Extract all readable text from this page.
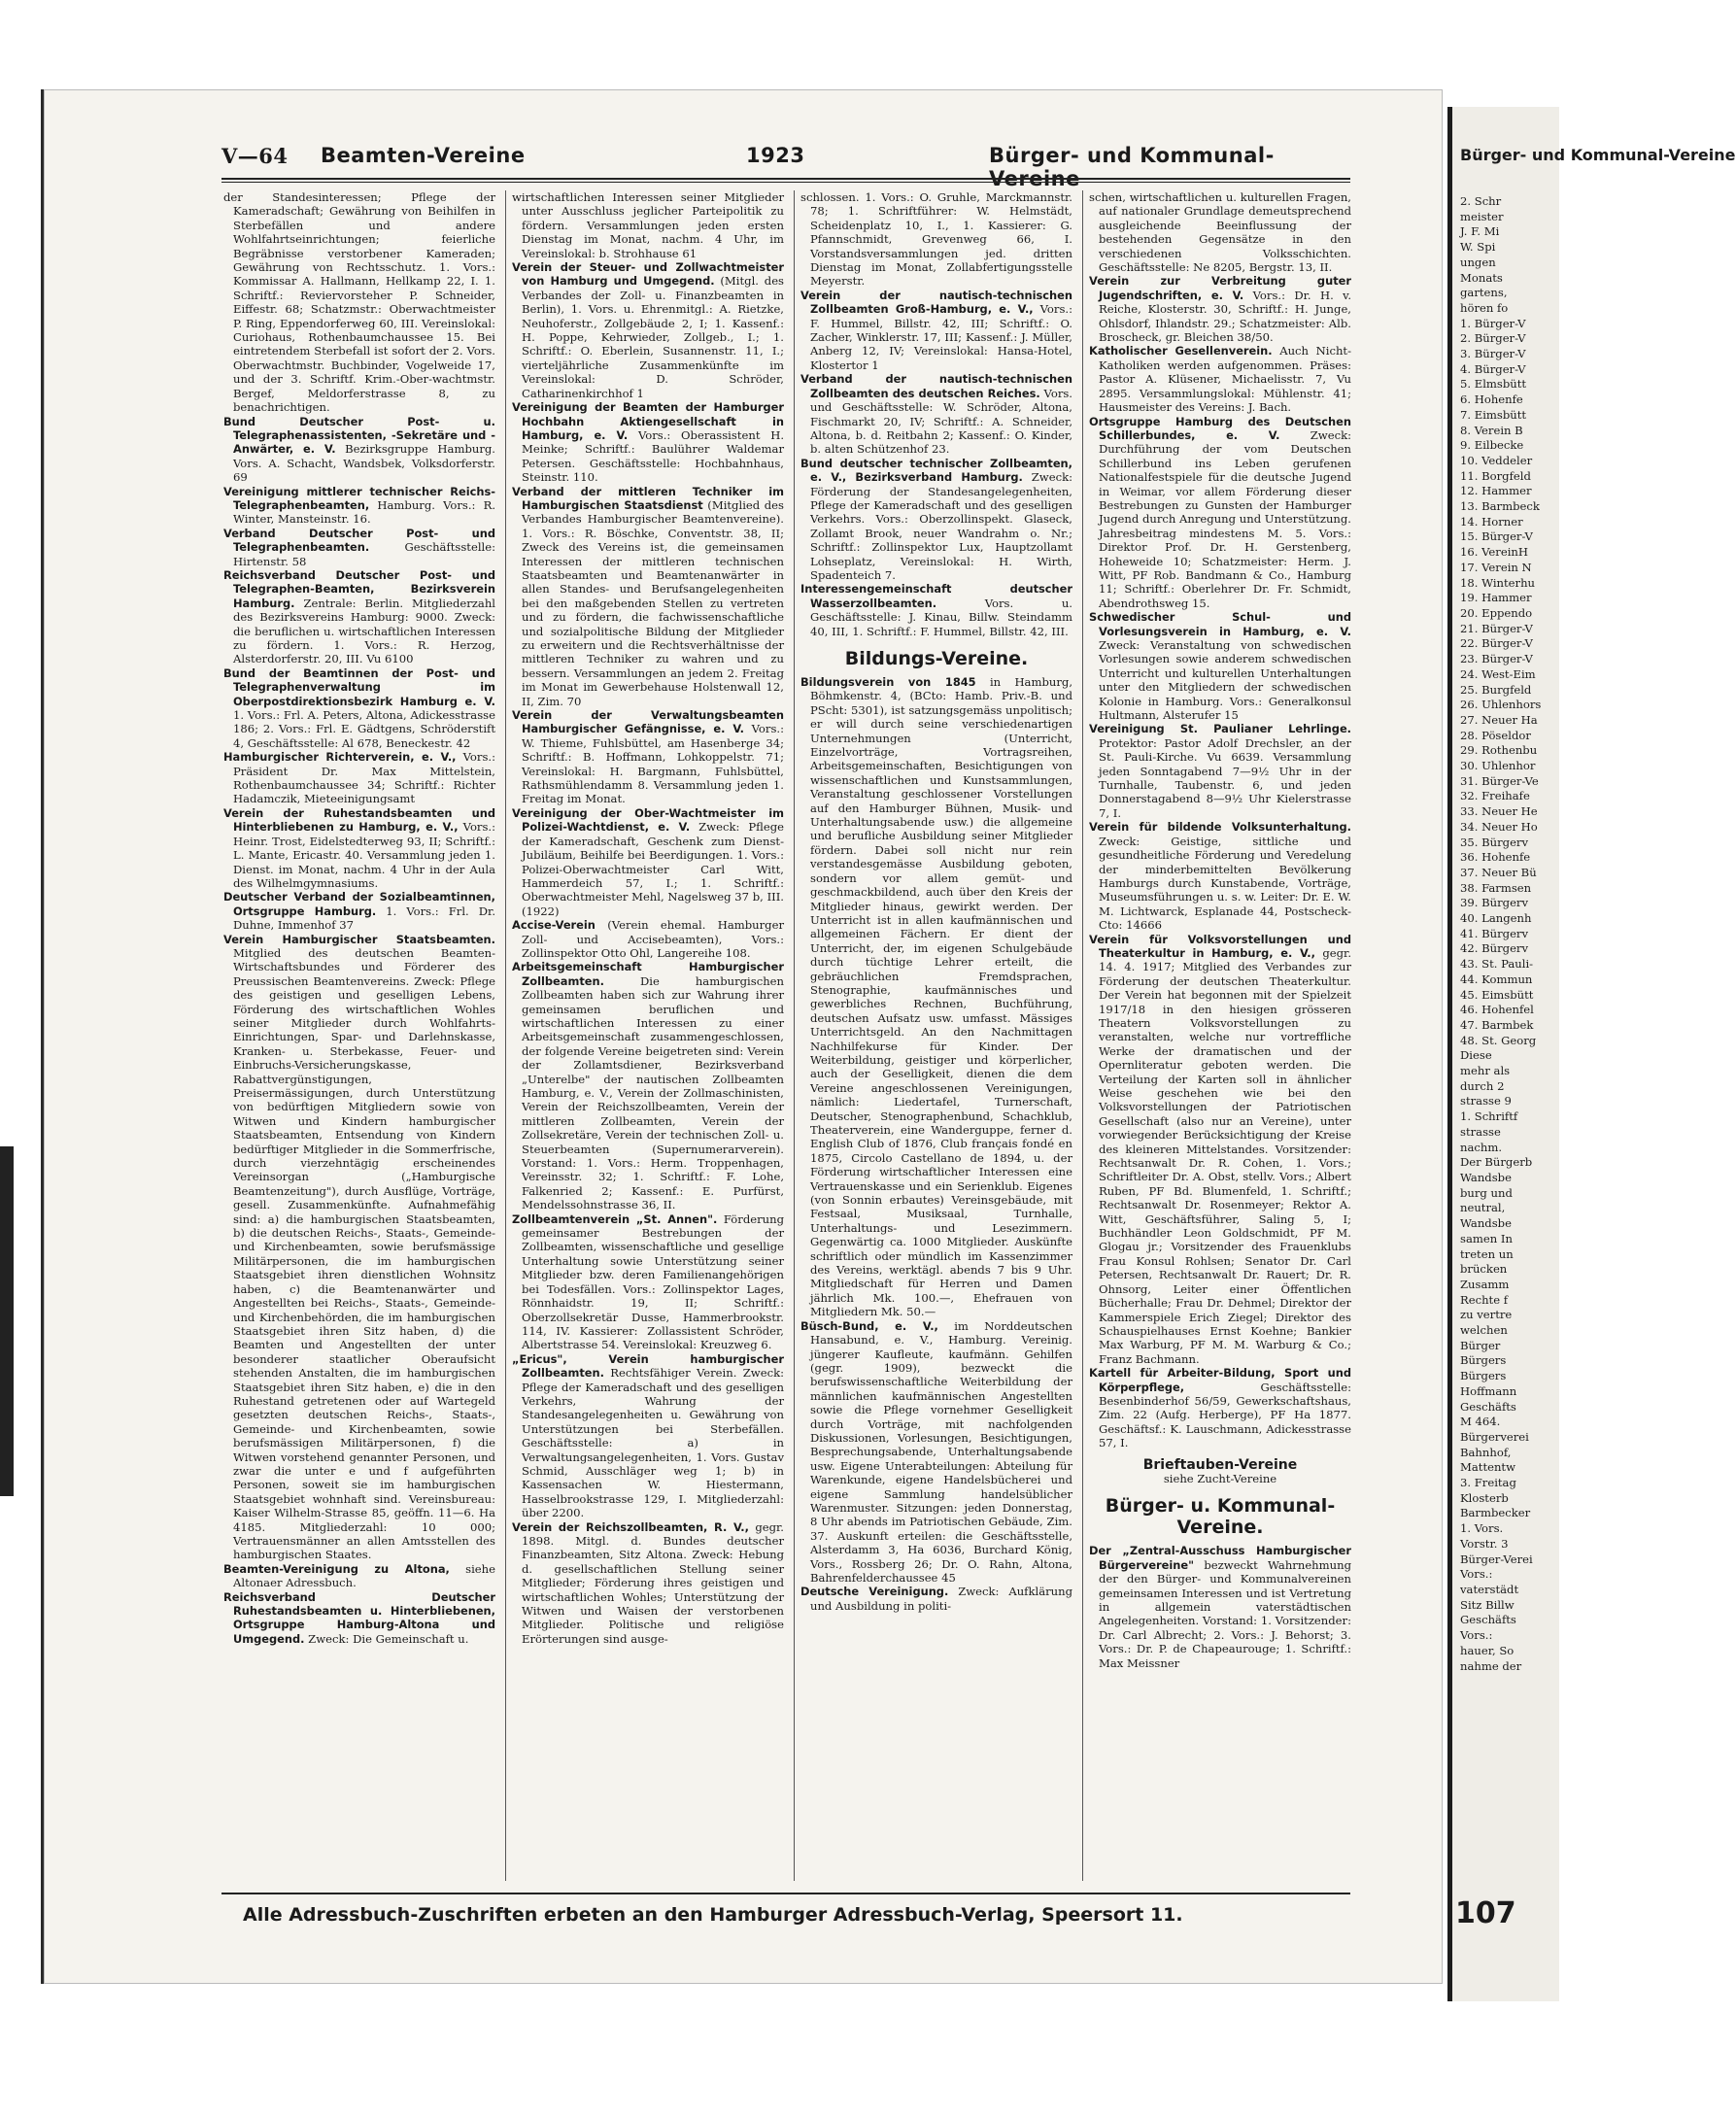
V—64 Beamten-Vereine	1923	Bürger- und Kommunal-

der Standesinteressen; Pflege der Kameradschaft; Gewährung von Beihilfen in Sterbefällen und andere Wohlfahrtseinrichtungen; feierliche Begräbnisse verstorbener Kameraden; Gewährung von Rechtsschutz. 1. Vors.: Kommissar A. Hallmann, Hellkamp 22, I. 1. Schriftf.: Reviervorsteher P. Schneider, Eiffestr. 68; Schatzmstr.: Oberwachtmeister P. Ring, Eppendorferweg 60, III. Vereinslokal: Curiohaus, Rothenbaumchaussee 15. Bei eintretendem Sterbefall ist sofort der 2. Vors. Oberwachtmstr. Buchbinder, Vogelweide 17, und der 3. Schriftf. Krim.-Ober-wachtmstr. Bergef, Meldorferstrasse 8, zu benachrichtigen.

Bund Deutscher Post- u. Telegraphenassistenten, -Sekretäre und -Anwärter, e. V. Bezirksgruppe Hamburg. Vors. A. Schacht, Wandsbek, Volksdorferstr. 69

Vereinigung mittlerer technischer Reichs-Telegraphenbeamten, Hamburg. Vors.: R. Winter, Mansteinstr. 16.

Verband Deutscher Post- und Telegraphenbeamten.	Geschäftsstelle: Hirtenstr. 58

Reichsverband Deutscher Post- und Telegraphen-Beamten, Bezirksverein Hamburg. Zentrale: Berlin. Mitgliederzahl des Bezirksvereins Hamburg: 9000. Zweck: die beruflichen u. wirtschaftlichen Interessen zu fördern. 1. Vors.: R. Herzog, Alsterdorferstr. 20, III. Vu 6100

Bund der Beamtinnen der Post- und Telegraphenverwaltung im Oberpostdirektionsbezirk Hamburg e. V. 1. Vors.: Frl. A. Peters, Altona, Adickesstrasse 186; 2. Vors.: Frl. E. Gädtgens, Schröderstift 4, Geschäftsstelle: Al 678, Beneckestr. 42

Hamburgischer Richterverein, e. V., Vors.: Präsident Dr. Max Mittelstein, Rothenbaumchaussee 34; Schriftf.: Richter Hadamczik, Mieteeinigungsamt

Verein der Ruhestandsbeamten und Hinterbliebenen zu Hamburg, e. V., Vors.: Heinr. Trost, Eidelstedterweg 93, II; Schriftf.: L. Mante, Ericastr. 40. Versammlung jeden 1. Dienst. im Monat, nachm. 4 Uhr in der Aula des Wilhelmgymnasiums.

Deutscher Verband der Sozialbeamtinnen, Ortsgruppe Hamburg. 1. Vors.: Frl. Dr. Duhne, Immenhof 37

Verein Hamburgischer Staatsbeamten. Mitglied des deutschen Beamten-Wirtschaftsbundes und Förderer des Preussischen Beamtenvereins. Zweck: Pflege des geistigen und geselligen Lebens, Förderung des wirtschaftlichen Wohles seiner Mitglieder durch Wohlfahrts-Einrichtungen, Spar- und Darlehnskasse, Kranken- u. Sterbekasse, Feuer- und Einbruchs-Versicherungskasse, Rabattvergünstigungen, Preisermässigungen, durch Unterstützung von bedürftigen Mitgliedern sowie von Witwen und Kindern hamburgischer Staatsbeamten, Entsendung von Kindern bedürftiger Mitglieder in die Sommerfrische, durch vierzehntägig erscheinendes Vereinsorgan („Hamburgische Beamtenzeitung"), durch Ausflüge, Vorträge, gesell. Zusammenkünfte. Aufnahmefähig sind: a) die hamburgischen Staatsbeamten, b) die deutschen Reichs-, Staats-, Gemeinde- und Kirchenbeamten, sowie berufsmässige Militärpersonen, die im hamburgischen Staatsgebiet ihren dienstlichen Wohnsitz haben, c) die Beamtenanwärter und Angestellten bei Reichs-, Staats-, Gemeinde- und Kirchenbehörden, die im hamburgischen Staatsgebiet ihren Sitz haben, d) die Beamten und Angestellten der unter besonderer staatlicher Oberaufsicht stehenden Anstalten, die im hamburgischen Staatsgebiet ihren Sitz haben, e) die in den Ruhestand getretenen oder auf Wartegeld gesetzten deutschen Reichs-, Staats-, Gemeinde- und Kirchenbeamten, sowie berufsmässigen Militärpersonen, f) die Witwen vorstehend genannter Personen, und zwar die unter e und f aufgeführten Personen, soweit sie im hamburgischen Staatsgebiet wohnhaft sind. Vereinsbureau: Kaiser Wilhelm-Strasse 85, geöffn. 11—6. Ha 4185. Mitgliederzahl: 10 000; Vertrauensmänner an allen Amtsstellen des hamburgischen Staates.

Beamten-Vereinigung zu Altona, siehe Altonaer Adressbuch.

Reichsverband Deutscher Ruhestandsbeamten u. Hinterbliebenen, Ortsgruppe Hamburg-Altona und Umgegend. Zweck: Die Gemeinschaft u.

wirtschaftlichen Interessen seiner Mitglieder unter Ausschluss jeglicher Parteipolitik zu fördern. Versammlungen jeden ersten Dienstag im Monat, nachm. 4 Uhr, im Vereinslokal: b. Strohhause 61

Verein der Steuer- und Zollwachtmeister von Hamburg und Umgegend. (Mitgl. des Verbandes der Zoll- u. Finanzbeamten in Berlin), 1. Vors. u. Ehrenmitgl.: A. Rietzke, Neuhoferstr., Zollgebäude 2, I; 1. Kassenf.: H. Poppe, Kehrwieder, Zollgeb., I.; 1. Schriftf.: O. Eberlein, Susannenstr. 11, I.; vierteljährliche Zusammenkünfte im Vereinslokal: D. Schröder, Catharinenkirchhof 1

Vereinigung der Beamten der Hamburger Hochbahn Aktiengesellschaft in Hamburg, e. V. Vors.: Oberassistent H. Meinke; Schriftf.: Baulührer Waldemar Petersen. Geschäftsstelle: Hochbahnhaus, Steinstr. 110.

Verband der mittleren Techniker im Hamburgischen Staatsdienst (Mitglied des Verbandes Hamburgischer Beamtenvereine). 1. Vors.: R. Böschke, Conventstr. 38, II; Zweck des Vereins ist, die gemeinsamen Interessen der mittleren technischen Staatsbeamten und Beamtenanwärter in allen Standes- und Berufsangelegenheiten bei den maßgebenden Stellen zu vertreten und zu fördern, die fachwissenschaftliche und sozialpolitische Bildung der Mitglieder zu erweitern und die Rechtsverhältnisse der mittleren Techniker zu wahren und zu bessern. Versammlungen an jedem 2. Freitag im Monat im Gewerbehause Holstenwall 12, II, Zim. 70

Verein der Verwaltungsbeamten Hamburgischer Gefängnisse, e. V. Vors.: W. Thieme, Fuhlsbüttel, am Hasenberge 34; Schriftf.: B. Hoffmann, Lohkoppelstr. 71; Vereinslokal: H. Bargmann, Fuhlsbüttel, Rathsmühlendamm 8. Versammlung jeden 1. Freitag im Monat.

Vereinigung der Ober-Wachtmeister im Polizei-Wachtdienst, e. V. Zweck: Pflege der Kameradschaft, Geschenk zum Dienst-Jubiläum, Beihilfe bei Beerdigungen. 1. Vors.: Polizei-Oberwachtmeister Carl Witt, Hammerdeich 57, I.; 1. Schriftf.: Oberwachtmeister Mehl, Nagelsweg 37 b, III. (1922)

Accise-Verein (Verein ehemal. Hamburger Zoll- und Accisebeamten), Vors.: Zollinspektor Otto Ohl, Langereihe 108.

Arbeitsgemeinschaft Hamburgischer Zollbeamten.	Die hamburgischen Zollbeamten haben sich zur Wahrung ihrer gemeinsamen beruflichen und wirtschaftlichen Interessen zu einer Arbeitsgemeinschaft zusammengeschlossen, der folgende Vereine beigetreten sind: Verein der Zollamtsdiener, Bezirksverband „Unterelbe" der nautischen Zollbeamten Hamburg, e. V., Verein der Zollmaschinisten, Verein der Reichszollbeamten, Verein der mittleren Zollbeamten, Verein der Zollsekretäre, Verein der technischen Zoll- u. Steuerbeamten (Supernumerarverein). Vorstand: 1. Vors.: Herm. Troppenhagen, Vereinsstr. 32; 1. Schriftf.: F. Lohe, Falkenried 2; Kassenf.: E. Purfürst, Mendelssohnstrasse 36, II.

Zollbeamtenverein „St. Annen". Förderung gemeinsamer Bestrebungen der Zollbeamten, wissenschaftliche und gesellige Unterhaltung sowie Unterstützung seiner Mitglieder bzw. deren Familienangehörigen bei Todesfällen. Vors.: Zollinspektor Lages, Rönnhaidstr. 19, II; Schriftf.: Oberzollsekretär Dusse, Hammerbrookstr. 114, IV. Kassierer: Zollassistent Schröder, Albertstrasse 54. Vereinslokal: Kreuzweg 6.

„Ericus", Verein hamburgischer Zollbeamten. Rechtsfähiger Verein. Zweck: Pflege der Kameradschaft und des geselligen Verkehrs, Wahrung der Standesangelegenheiten u. Gewährung von Unterstützungen bei Sterbefällen. Geschäftsstelle: a) in Verwaltungsangelegenheiten, 1. Vors. Gustav Schmid, Ausschläger weg 1; b) in Kassensachen W. Hiestermann, Hasselbrookstrasse 129, I. Mitgliederzahl: über 2200.

Verein der Reichszollbeamten, R. V., gegr. 1898. Mitgl. d. Bundes deutscher Finanzbeamten, Sitz Altona. Zweck: Hebung d. gesellschaftlichen Stellung seiner Mitglieder; Förderung ihres geistigen und wirtschaftlichen Wohles; Unterstützung der Witwen und Waisen der verstorbenen Mitglieder. Politische und religiöse Erörterungen sind ausge-

schlossen. 1. Vors.: O. Gruhle, Marckmannstr. 78; 1. Schriftführer: W. Helmstädt, Scheidenplatz 10, I., 1. Kassierer: G. Pfannschmidt, Grevenweg 66, I. Vorstandsversammlungen jed. dritten Dienstag im Monat, Zollabfertigungsstelle Meyerstr.

Verein der nautisch-technischen Zollbeamten Groß-Hamburg, e. V., Vors.: F. Hummel, Billstr. 42, III; Schriftf.: O. Zacher, Winklerstr. 17, III; Kassenf.: J. Müller, Anberg 12, IV; Vereinslokal: Hansa-Hotel, Klostertor 1

Verband der nautisch-technischen Zollbeamten des deutschen Reiches. Vors. und Geschäftsstelle: W. Schröder, Altona, Fischmarkt 20, IV; Schriftf.: A. Schneider, Altona, b. d. Reitbahn 2; Kassenf.: O. Kinder, b. alten Schützenhof 23.

Bund deutscher technischer Zollbeamten, e. V., Bezirksverband Hamburg. Zweck: Förderung der Standesangelegenheiten, Pflege der Kameradschaft und des geselligen Verkehrs. Vors.: Oberzollinspekt. Glaseck, Zollamt Brook, neuer Wandrahm o. Nr.; Schriftf.: Zollinspektor Lux, Hauptzollamt Lohseplatz, Vereinslokal: H. Wirth, Spadenteich 7.

Interessengemeinschaft deutscher Wasserzollbeamten.	Vors. u. Geschäftsstelle: J. Kinau, Billw. Steindamm 40, III, 1. Schriftf.: F. Hummel, Billstr. 42, III.

Bildungs-Vereine.

Bildungsverein von 1845 in Hamburg, Böhmkenstr. 4, (BCto: Hamb. Priv.-B. und PScht: 5301), ist satzungsgemäss unpolitisch; er will durch seine verschiedenartigen Unternehmungen (Unterricht, Einzelvorträge, Vortragsreihen, Arbeitsgemeinschaften, Besichtigungen von wissenschaftlichen und Kunstsammlungen, Veranstaltung geschlossener Vorstellungen auf den Hamburger Bühnen, Musik- und Unterhaltungsabende usw.) die allgemeine und berufliche Ausbildung seiner Mitglieder fördern. Dabei soll nicht nur rein verstandesgemässe Ausbildung geboten, sondern vor allem gemüt- und geschmackbildend, auch über den Kreis der Mitglieder hinaus, gewirkt werden. Der Unterricht ist in allen kaufmännischen und allgemeinen Fächern. Er dient der Unterricht, der, im eigenen Schulgebäude durch tüchtige Lehrer erteilt, die gebräuchlichen Fremdsprachen, Stenographie, kaufmännisches und gewerbliches Rechnen, Buchführung, deutschen Aufsatz usw. umfasst. Mässiges Unterrichtsgeld. An den Nachmittagen Nachhilfekurse für Kinder. Der Weiterbildung, geistiger und körperlicher, auch der Geselligkeit, dienen die dem Vereine angeschlossenen Vereinigungen, nämlich: Liedertafel, Turnerschaft, Deutscher, Stenographenbund, Schachklub, Theaterverein, eine Wanderguppe, ferner d. English Club of 1876, Club français fondé en 1875, Circolo Castellano de 1894, u. der Förderung wirtschaftlicher Interessen eine Vertrauenskasse und ein Serienklub. Eigenes (von Sonnin erbautes) Vereinsgebäude, mit Festsaal, Musiksaal, Turnhalle, Unterhaltungs- und Lesezimmern. Gegenwärtig ca. 1000 Mitglieder. Auskünfte schriftlich oder mündlich im Kassenzimmer des Vereins, werktägl. abends 7 bis 9 Uhr. Mitgliedschaft für Herren und Damen jährlich Mk. 100.—, Ehefrauen von Mitgliedern Mk. 50.—

Büsch-Bund, e. V., im Norddeutschen Hansabund, e. V., Hamburg. Vereinig. jüngerer Kaufleute, kaufmänn. Gehilfen (gegr. 1909), bezweckt die berufswissenschaftliche Weiterbildung der männlichen kaufmännischen Angestellten sowie die Pflege vornehmer Geselligkeit durch Vorträge, mit nachfolgenden Diskussionen, Vorlesungen, Besichtigungen, Besprechungsabende, Unterhaltungsabende usw. Eigene Unterabteilungen: Abteilung für Warenkunde, eigene Handelsbücherei und eigene Sammlung handelsüblicher Warenmuster. Sitzungen: jeden Donnerstag, 8 Uhr abends im Patriotischen Gebäude, Zim. 37. Auskunft erteilen: die Geschäftsstelle, Alsterdamm 3, Ha 6036, Burchard König, Vors., Rossberg 26; Dr. O. Rahn, Altona, Bahrenfelderchaussee 45

Deutsche Vereinigung. Zweck: Aufklärung und Ausbildung in politi-

schen, wirtschaftlichen u. kulturellen Fragen, auf nationaler Grundlage demeutsprechend ausgleichende Beeinflussung der bestehenden Gegensätze in den verschiedenen Volksschichten. Geschäftsstelle: Ne 8205, Bergstr. 13, II.

Verein zur Verbreitung guter Jugendschriften, e. V. Vors.: Dr. H. v. Reiche, Klosterstr. 30, Schriftf.: H. Junge, Ohlsdorf, Ihlandstr. 29.; Schatzmeister: Alb. Broscheck, gr. Bleichen 38/50.

Katholischer Gesellenverein. Auch Nicht-Katholiken werden aufgenommen. Präses: Pastor A. Klüsener, Michaelisstr. 7, Vu 2895. Versammlungslokal: Mühlenstr. 41; Hausmeister des Vereins: J. Bach.

Ortsgruppe Hamburg des Deutschen Schillerbundes, e. V.	Zweck: Durchführung der vom Deutschen Schillerbund ins Leben gerufenen Nationalfestspiele für die deutsche Jugend in Weimar, vor allem Förderung dieser Bestrebungen zu Gunsten der Hamburger Jugend durch Anregung und Unterstützung. Jahresbeitrag mindestens M. 5. Vors.: Direktor Prof. Dr. H. Gerstenberg, Hoheweide 10; Schatzmeister: Herm. J. Witt, PF Rob. Bandmann & Co., Hamburg 11; Schriftf.: Oberlehrer Dr. Fr. Schmidt, Abendrothsweg 15.

Schwedischer Schul- und Vorlesungsverein in Hamburg, e. V. Zweck: Veranstaltung von schwedischen Vorlesungen sowie anderem schwedischen Unterricht und kulturellen Unterhaltungen unter den Mitgliedern der schwedischen Kolonie in Hamburg. Vors.: Generalkonsul Hultmann, Alsterufer 15

Vereinigung St. Paulianer Lehrlinge. Protektor: Pastor Adolf Drechsler, an der St. Pauli-Kirche. Vu 6639. Versammlung jeden Sonntagabend 7—9½ Uhr in der Turnhalle, Taubenstr. 6, und jeden Donnerstagabend 8—9½ Uhr Kielerstrasse 7, I.

Verein für bildende Volksunterhaltung. Zweck: Geistige, sittliche und gesundheitliche Förderung und Veredelung der minderbemittelten Bevölkerung Hamburgs durch Kunstabende, Vorträge, Museumsführungen u. s. w. Leiter: Dr. E. W. M. Lichtwarck, Esplanade 44, Postscheck-Cto: 14666

Verein für Volksvorstellungen und Theaterkultur in Hamburg, e. V., gegr. 14. 4. 1917; Mitglied des Verbandes zur Förderung der deutschen Theaterkultur. Der Verein hat begonnen mit der Spielzeit 1917/18 in den hiesigen grösseren Theatern Volksvorstellungen zu veranstalten, welche nur vortreffliche Werke der dramatischen und der Opernliteratur geboten werden. Die Verteilung der Karten soll in ähnlicher Weise geschehen wie bei den Volksvorstellungen der Patriotischen Gesellschaft (also nur an Vereine), unter vorwiegender Berücksichtigung der Kreise des kleineren Mittelstandes. Vorsitzender: Rechtsanwalt Dr. R. Cohen, 1. Vors.; Schriftleiter Dr. A. Obst, stellv. Vors.; Albert Ruben, PF Bd. Blumenfeld, 1. Schriftf.; Rechtsanwalt Dr. Rosenmeyer; Rektor A. Witt, Geschäftsführer, Saling 5, I; Buchhändler Leon Goldschmidt, PF M. Glogau jr.; Vorsitzender des Frauenklubs Frau Konsul Rohlsen; Senator Dr. Carl Petersen, Rechtsanwalt Dr. Rauert; Dr. R. Ohnsorg, Leiter einer Öffentlichen Bücherhalle; Frau Dr. Dehmel; Direktor der Kammerspiele Erich Ziegel; Direktor des Schauspielhauses Ernst Koehne; Bankier Max Warburg, PF M. M. Warburg & Co.; Franz Bachmann.

Kartell für Arbeiter-Bildung, Sport und Körperpflege,	Geschäftsstelle: Besenbinderhof 56/59, Gewerkschaftshaus, Zim. 22 (Aufg. Herberge), PF Ha 1877. Geschäftsf.: K. Lauschmann, Adickesstrasse 57, I.

Brieftauben-Vereine
siehe Zucht-Vereine
Bürger- u. Kommunal-Vereine.

Der „Zentral-Ausschuss Hamburgischer Bürgervereine" bezweckt Wahrnehmung der den Bürger- und Kommunalvereinen gemeinsamen Interessen und ist Vertretung in allgemein vaterstädtischen Angelegenheiten. Vorstand: 1. Vorsitzender: Dr. Carl Albrecht; 2. Vors.: J. Behorst; 3. Vors.: Dr. P. de Chapeaurouge; 1. Schriftf.: Max Meissner

Alle Adressbuch-Zuschriften erbeten an den Hamburger Adressbuch-Verlag, Speersort 11.
Bürger- und Kommunal-Vereine
2. Schr
meister
J. F. Mi
W. Spi
ungen
Monats
gartens,
hören fo
1. Bürger-V
2. Bürger-V
3. Bürger-V
4. Bürger-V
5. Elmsbütt
6. Hohenfe
7. Eimsbütt
8. Verein B
9. Eilbecke
10. Veddeler
11. Borgfeld
12. Hammer
13. Barmbeck
14. Horner
15. Bürger-V
16. VereinH
17. Verein N
18. Winterhu
19. Hammer
20. Eppendo
21. Bürger-V
22. Bürger-V
23. Bürger-V
24. West-Eim
25. Burgfeld
26. Uhlenhors
27. Neuer Ha
28. Pöseldor
29. Rothenbu
30. Uhlenhor
31. Bürger-Ve
32. Freihafe
33. Neuer He
34. Neuer Ho
35. Bürgerv
36. Hohenfe
37. Neuer Bü
38. Farmsen
39. Bürgerv
40. Langenh
41. Bürgerv
42. Bürgerv
43. St. Pauli-
44. Kommun
45. Eimsbütt
46. Hohenfel
47. Barmbek
48. St. Georg
Diese
mehr als
durch 2
strasse 9
1. Schriftf
strasse
nachm.
Der Bürgerb
Wandsbe
burg und
neutral,
Wandsbe
samen In
treten un
brücken
Zusamm
Rechte f
zu vertre
welchen
Bürger
Bürgers
Bürgers
Hoffmann
Geschäfts
M 464.
Bürgerverei
Bahnhof,
Mattentw
3. Freitag
Klosterb
Barmbecker
1. Vors.
Vorstr. 3
Bürger-Verei
Vors.:
vaterstädt
Sitz Billw
Geschäfts
Vors.:
hauer, So
nahme der
107
